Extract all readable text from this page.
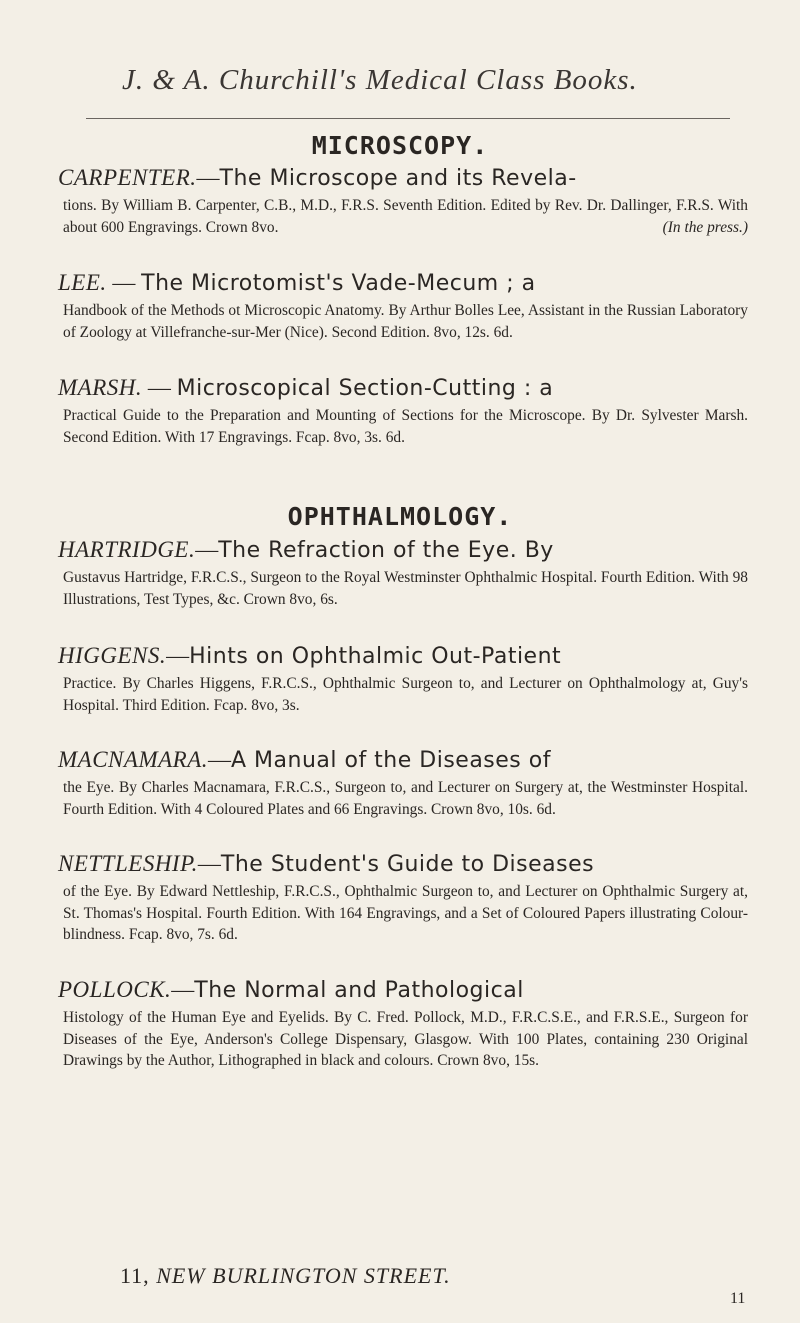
J. & A. Churchill's Medical Class Books.
MICROSCOPY.
CARPENTER.—The Microscope and its Revela-
tions. By William B. Carpenter, C.B., M.D., F.R.S. Seventh Edition. Edited by Rev. Dr. Dallinger, F.R.S. With about 600 Engravings. Crown 8vo.	(In the press.)
LEE. — The Microtomist's Vade-Mecum ; a
Handbook of the Methods ot Microscopic Anatomy. By Arthur Bolles Lee, Assistant in the Russian Laboratory of Zoology at Villefranche-sur-Mer (Nice). Second Edition. 8vo, 12s. 6d.
MARSH. — Microscopical Section-Cutting : a
Practical Guide to the Preparation and Mounting of Sections for the Microscope. By Dr. Sylvester Marsh. Second Edition. With 17 Engravings. Fcap. 8vo, 3s. 6d.
OPHTHALMOLOGY.
HARTRIDGE.—The Refraction of the Eye. By
Gustavus Hartridge, F.R.C.S., Surgeon to the Royal Westminster Ophthalmic Hospital. Fourth Edition. With 98 Illustrations, Test Types, &c. Crown 8vo, 6s.
HIGGENS.—Hints on Ophthalmic Out-Patient
Practice. By Charles Higgens, F.R.C.S., Ophthalmic Surgeon to, and Lecturer on Ophthalmology at, Guy's Hospital. Third Edition. Fcap. 8vo, 3s.
MACNAMARA.—A Manual of the Diseases of
the Eye. By Charles Macnamara, F.R.C.S., Surgeon to, and Lecturer on Surgery at, the Westminster Hospital. Fourth Edition. With 4 Coloured Plates and 66 Engravings. Crown 8vo, 10s. 6d.
NETTLESHIP.—The Student's Guide to Diseases
of the Eye. By Edward Nettleship, F.R.C.S., Ophthalmic Surgeon to, and Lecturer on Ophthalmic Surgery at, St. Thomas's Hospital. Fourth Edition. With 164 Engravings, and a Set of Coloured Papers illustrating Colour-blindness. Fcap. 8vo, 7s. 6d.
POLLOCK.—The Normal and Pathological
Histology of the Human Eye and Eyelids. By C. Fred. Pollock, M.D., F.R.C.S.E., and F.R.S.E., Surgeon for Diseases of the Eye, Anderson's College Dispensary, Glasgow. With 100 Plates, containing 230 Original Drawings by the Author, Lithographed in black and colours. Crown 8vo, 15s.
11, NEW BURLINGTON STREET.
11
